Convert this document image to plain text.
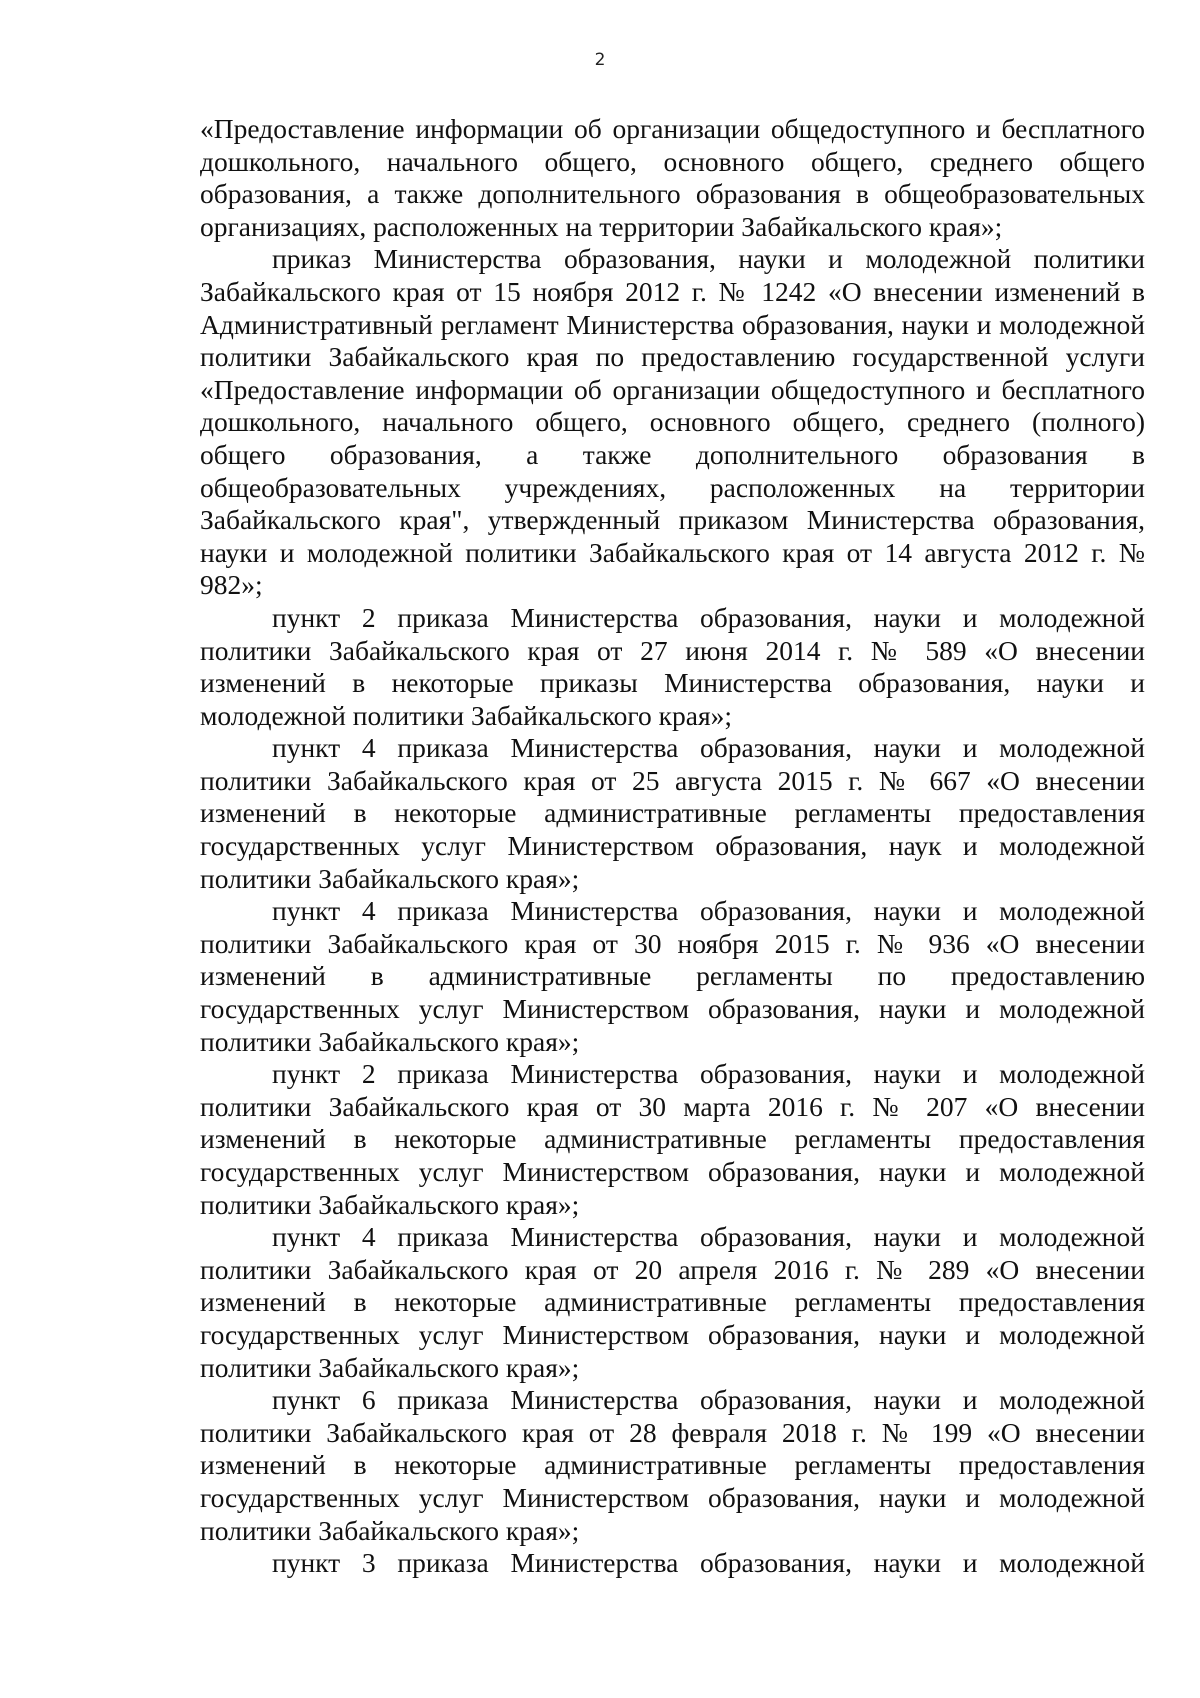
2

«Предоставление информации об организации общедоступного и бесплатного дошкольного, начального общего, основного общего, среднего общего образования, а также дополнительного образования в общеобразовательных организациях, расположенных на территории Забайкальского края»;

приказ Министерства образования, науки и молодежной политики Забайкальского края от 15 ноября 2012 г. № 1242 «О внесении изменений в Административный регламент Министерства образования, науки и молодежной политики Забайкальского края по предоставлению государственной услуги «Предоставление информации об организации общедоступного и бесплатного дошкольного, начального общего, основного общего, среднего (полного) общего образования, а также дополнительного образования в общеобразовательных учреждениях, расположенных на территории Забайкальского края", утвержденный приказом Министерства образования, науки и молодежной политики Забайкальского края от 14 августа 2012 г. № 982»;

пункт 2 приказа Министерства образования, науки и молодежной политики Забайкальского края от 27 июня 2014 г. № 589 «О внесении изменений в некоторые приказы Министерства образования, науки и молодежной политики Забайкальского края»;

пункт 4 приказа Министерства образования, науки и молодежной политики Забайкальского края от 25 августа 2015 г. № 667 «О внесении изменений в некоторые административные регламенты предоставления государственных услуг Министерством образования, наук и молодежной политики Забайкальского края»;

пункт 4 приказа Министерства образования, науки и молодежной политики Забайкальского края от 30 ноября 2015 г. № 936 «О внесении изменений в административные регламенты по предоставлению государственных услуг Министерством образования, науки и молодежной политики Забайкальского края»;

пункт 2 приказа Министерства образования, науки и молодежной политики Забайкальского края от 30 марта 2016 г. № 207 «О внесении изменений в некоторые административные регламенты предоставления государственных услуг Министерством образования, науки и молодежной политики Забайкальского края»;

пункт 4 приказа Министерства образования, науки и молодежной политики Забайкальского края от 20 апреля 2016 г. № 289 «О внесении изменений в некоторые административные регламенты предоставления государственных услуг Министерством образования, науки и молодежной политики Забайкальского края»;

пункт 6 приказа Министерства образования, науки и молодежной политики Забайкальского края от 28 февраля 2018 г. № 199 «О внесении изменений в некоторые административные регламенты предоставления государственных услуг Министерством образования, науки и молодежной политики Забайкальского края»;

пункт 3 приказа Министерства образования, науки и молодежной
